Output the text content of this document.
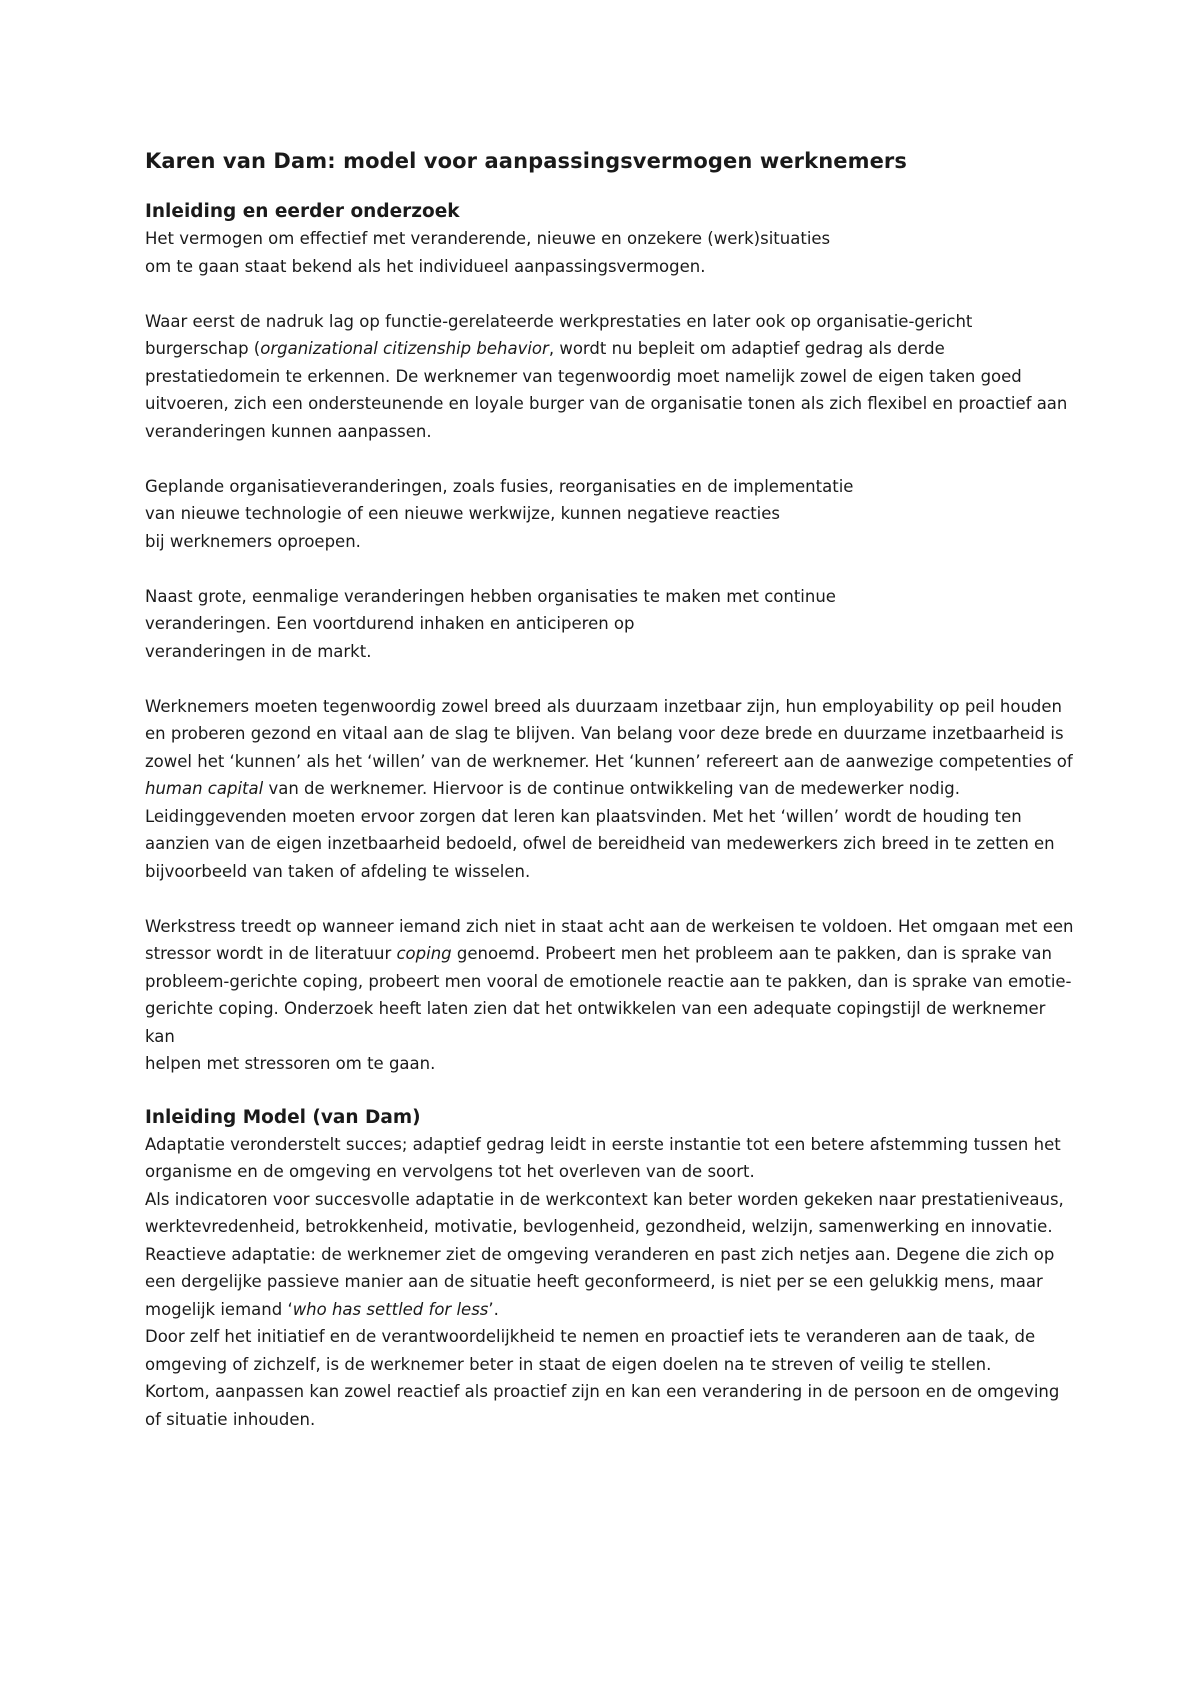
Karen van Dam: model voor aanpassingsvermogen werknemers
Inleiding en eerder onderzoek

Het vermogen om effectief met veranderende, nieuwe en onzekere (werk)situaties
om te gaan staat bekend als het individueel aanpassingsvermogen.

Waar eerst de nadruk lag op functie-gerelateerde werkprestaties en later ook op organisatie-gericht burgerschap (organizational citizenship behavior, wordt nu bepleit om adaptief gedrag als derde prestatiedomein te erkennen. De werknemer van tegenwoordig moet namelijk zowel de eigen taken goed uitvoeren, zich een ondersteunende en loyale burger van de organisatie tonen als zich flexibel en proactief aan veranderingen kunnen aanpassen.

Geplande organisatieveranderingen, zoals fusies, reorganisaties en de implementatie
van nieuwe technologie of een nieuwe werkwijze, kunnen negatieve reacties
bij werknemers oproepen.

Naast grote, eenmalige veranderingen hebben organisaties te maken met continue
veranderingen. Een voortdurend inhaken en anticiperen op
veranderingen in de markt.

Werknemers moeten tegenwoordig zowel breed als duurzaam inzetbaar zijn, hun employability op peil houden en proberen gezond en vitaal aan de slag te blijven. Van belang voor deze brede en duurzame inzetbaarheid is zowel het ‘kunnen’ als het ‘willen’ van de werknemer. Het ‘kunnen’ refereert aan de aanwezige competenties of human capital van de werknemer. Hiervoor is de continue ontwikkeling van de medewerker nodig. Leidinggevenden moeten ervoor zorgen dat leren kan plaatsvinden. Met het ‘willen’ wordt de houding ten aanzien van de eigen inzetbaarheid bedoeld, ofwel de bereidheid van medewerkers zich breed in te zetten en bijvoorbeeld van taken of afdeling te wisselen.

Werkstress treedt op wanneer iemand zich niet in staat acht aan de werkeisen te voldoen. Het omgaan met een stressor wordt in de literatuur coping genoemd. Probeert men het probleem aan te pakken, dan is sprake van probleem-gerichte coping, probeert men vooral de emotionele reactie aan te pakken, dan is sprake van emotie-gerichte coping. Onderzoek heeft laten zien dat het ontwikkelen van een adequate copingstijl de werknemer kan
helpen met stressoren om te gaan.

Inleiding Model (van Dam)

Adaptatie veronderstelt succes; adaptief gedrag leidt in eerste instantie tot een betere afstemming tussen het organisme en de omgeving en vervolgens tot het overleven van de soort.

Als indicatoren voor succesvolle adaptatie in de werkcontext kan beter worden gekeken naar prestatieniveaus, werktevredenheid, betrokkenheid, motivatie, bevlogenheid, gezondheid, welzijn, samenwerking en innovatie.

Reactieve adaptatie: de werknemer ziet de omgeving veranderen en past zich netjes aan. Degene die zich op een dergelijke passieve manier aan de situatie heeft geconformeerd, is niet per se een gelukkig mens, maar mogelijk iemand ‘who has settled for less’.

Door zelf het initiatief en de verantwoordelijkheid te nemen en proactief iets te veranderen aan de taak, de omgeving of zichzelf, is de werknemer beter in staat de eigen doelen na te streven of veilig te stellen.

Kortom, aanpassen kan zowel reactief als proactief zijn en kan een verandering in de persoon en de omgeving of situatie inhouden.
